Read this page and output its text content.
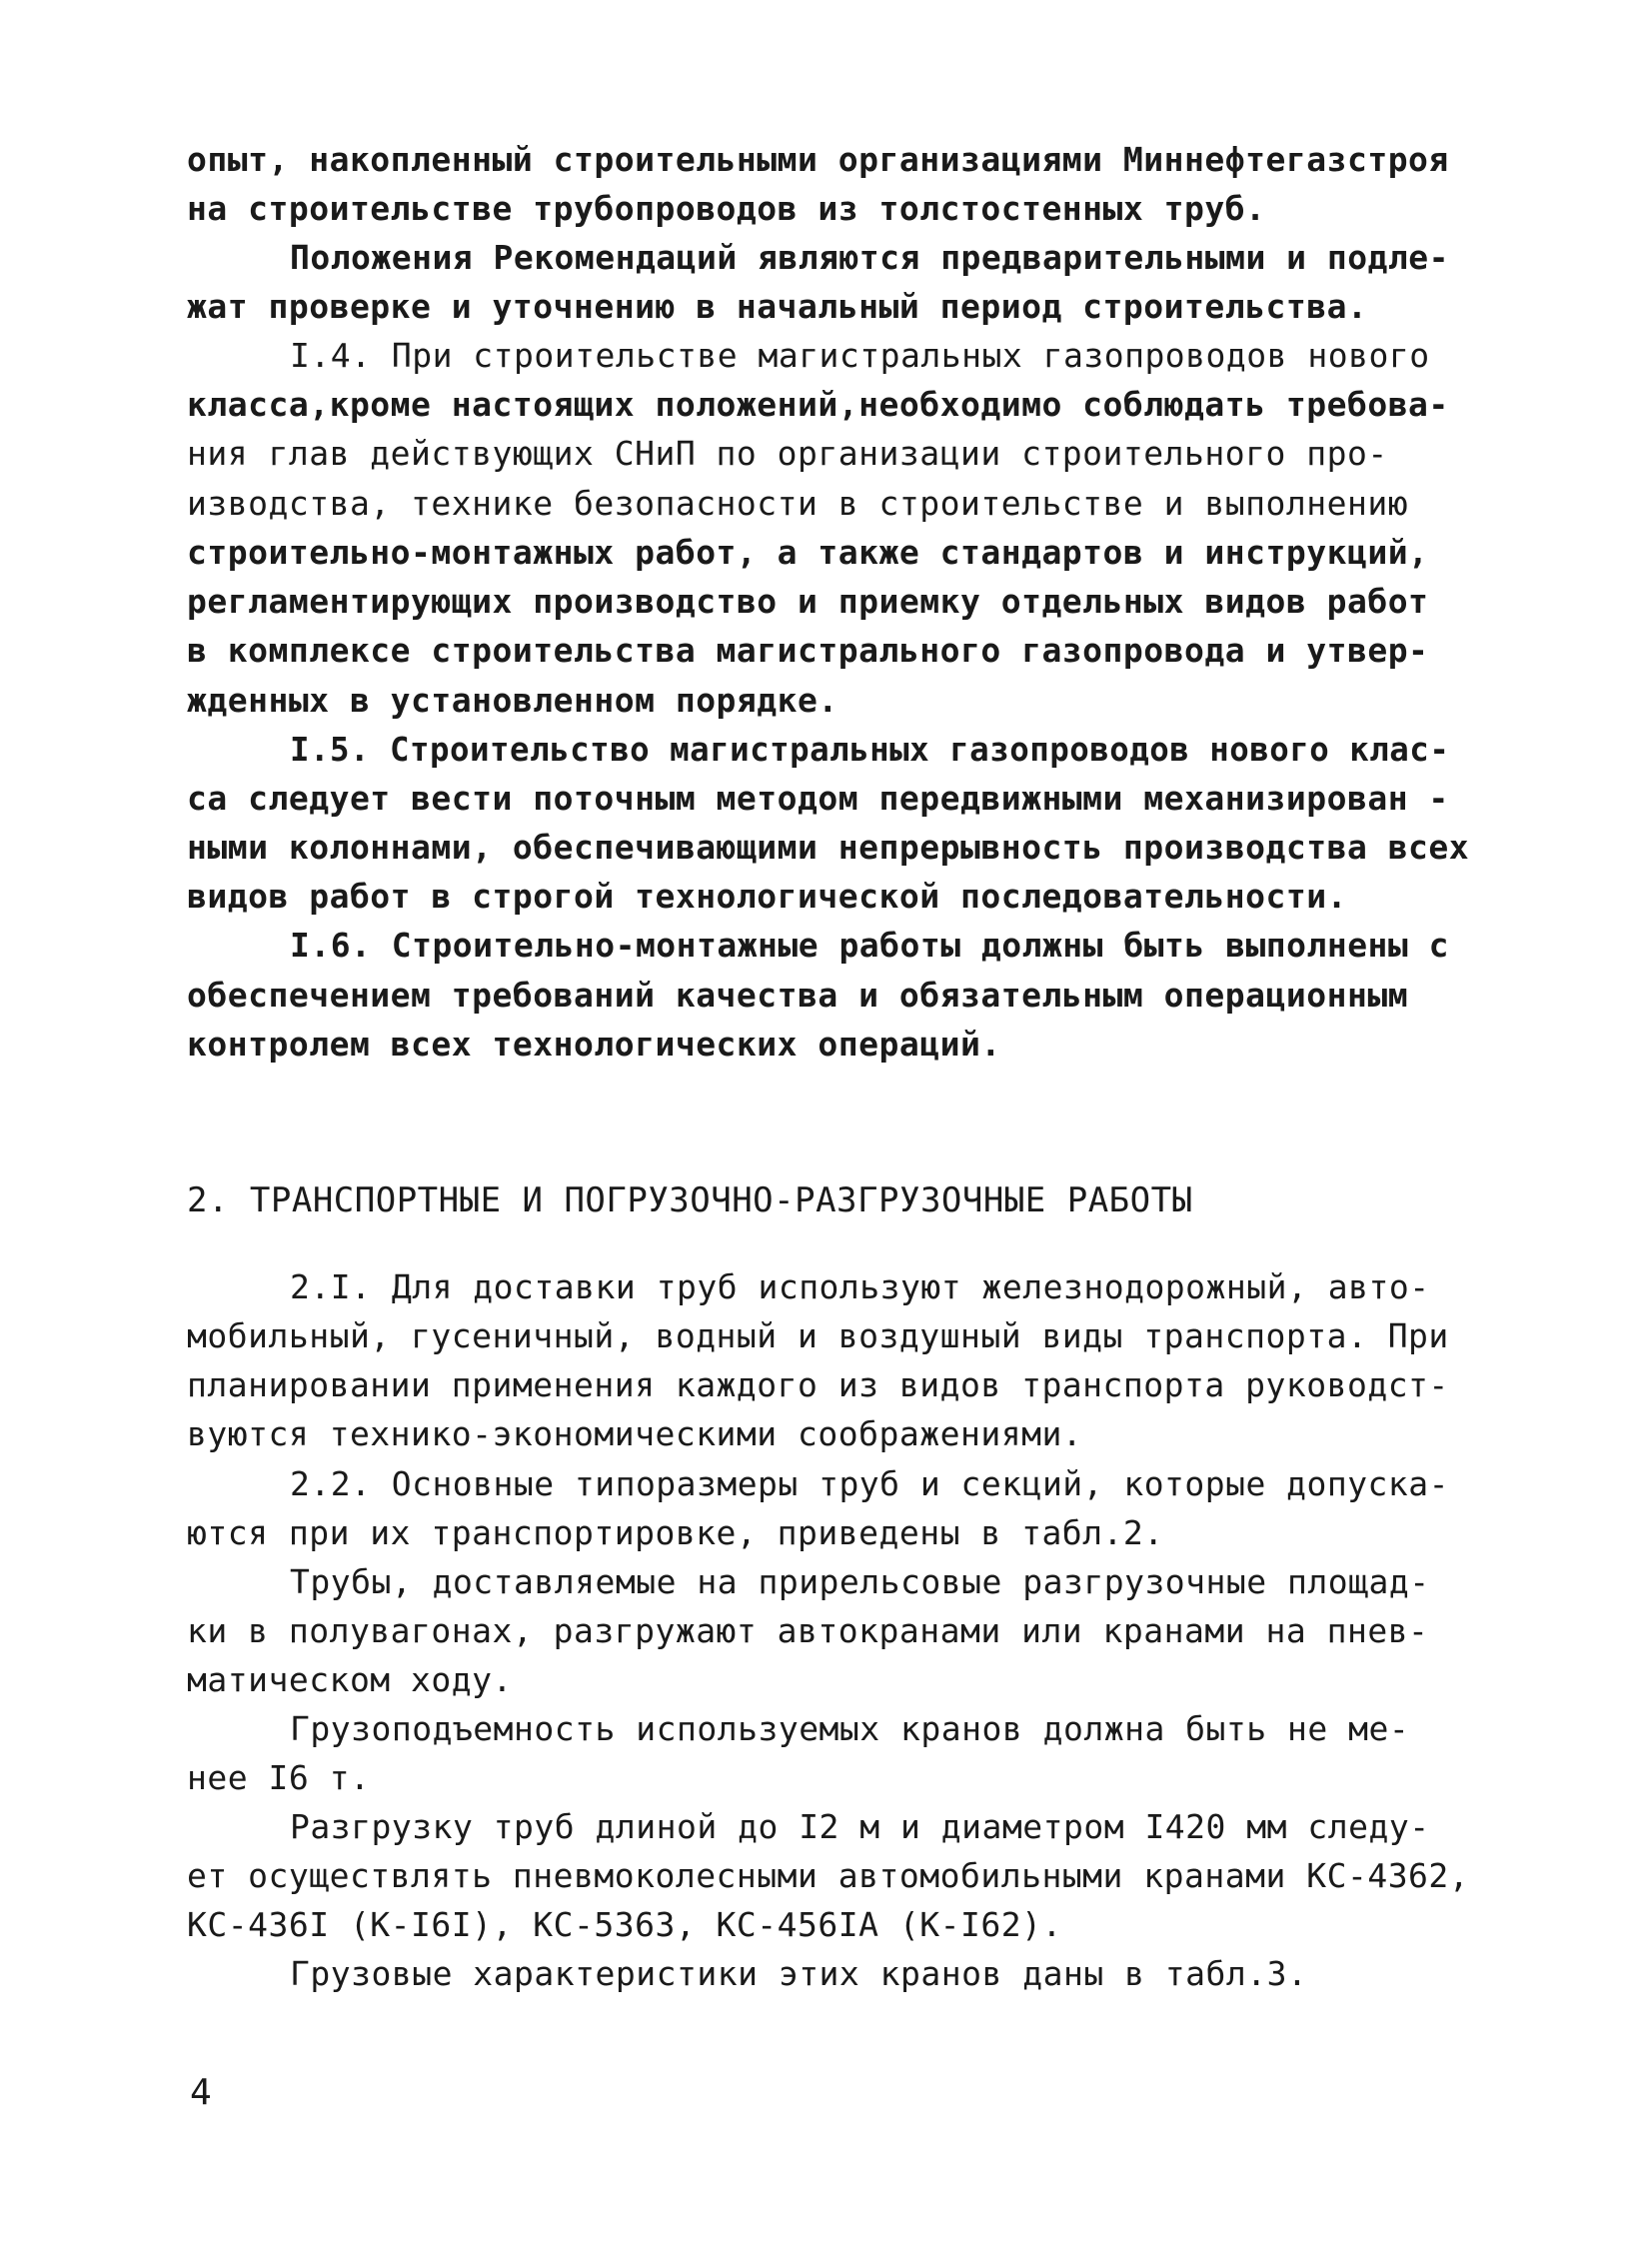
опыт, накопленный строительными организациями Миннефтегазстроя
на строительстве трубопроводов из толстостенных труб.
Положения Рекомендаций являются предварительными и подле-
жат проверке и уточнению в начальный период строительства.
I.4. При строительстве магистральных газопроводов нового
класса,кроме настоящих положений,необходимо соблюдать требова-
ния глав действующих СНиП по организации строительного про-
изводства, технике безопасности в строительстве и выполнению
строительно-монтажных работ, а также стандартов и инструкций,
регламентирующих производство и приемку отдельных видов работ
в комплексе строительства магистрального газопровода и утвер-
жденных в установленном порядке.
I.5. Строительство магистральных газопроводов нового клас-
са следует вести поточным методом передвижными механизирован -
ными колоннами, обеспечивающими непрерывность производства всех
видов работ в строгой технологической последовательности.
I.6. Строительно-монтажные работы должны быть выполнены с
обеспечением требований качества и обязательным операционным
контролем всех технологических операций.
2. ТРАНСПОРТНЫЕ И ПОГРУЗОЧНО-РАЗГРУЗОЧНЫЕ РАБОТЫ
2.I. Для доставки труб используют железнодорожный, авто-
мобильный, гусеничный, водный и воздушный виды транспорта. При
планировании применения каждого из видов транспорта руководст-
вуются технико-экономическими соображениями.
2.2. Основные типоразмеры труб и секций, которые допуска-
ются при их транспортировке, приведены в табл.2.
Трубы, доставляемые на прирельсовые разгрузочные площад-
ки в полувагонах, разгружают автокранами или кранами на пнев-
матическом ходу.
Грузоподъемность используемых кранов должна быть не ме-
нее I6 т.
Разгрузку труб длиной до I2 м и диаметром I420 мм следу-
ет осуществлять пневмоколесными автомобильными кранами КС-4362,
КС-436I (К-I6I), КС-5363, КС-456IA (К-I62).
Грузовые характеристики этих кранов даны в табл.3.
4
